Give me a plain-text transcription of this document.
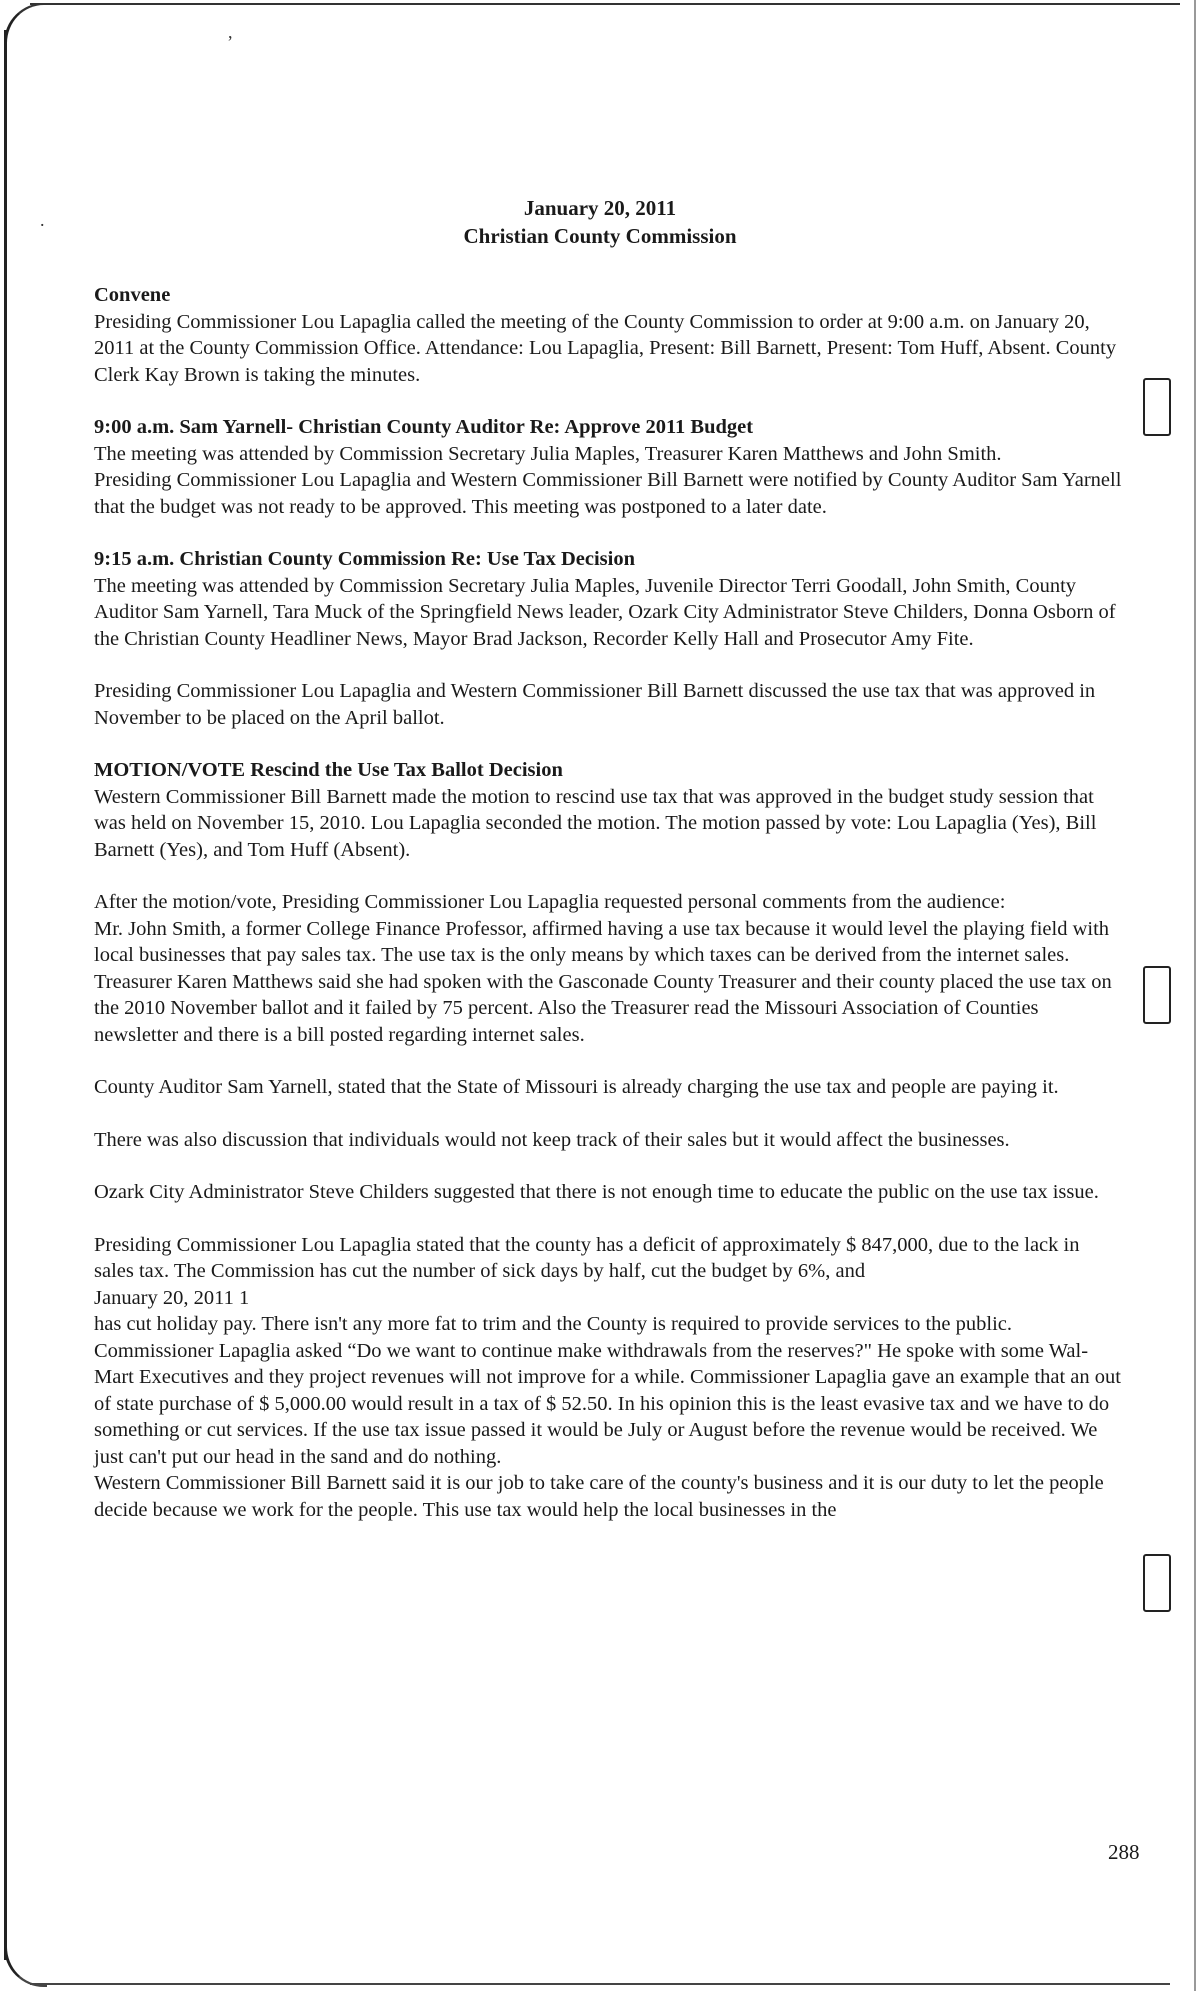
,
.	January 20, 2011
Christian County Commission

Convene

Presiding Commissioner Lou Lapaglia called the meeting of the County Commission to order at 9:00 a.m. on January 20, 2011 at the County Commission Office. Attendance: Lou Lapaglia, Present: Bill Barnett, Present: Tom Huff, Absent. County Clerk Kay Brown is taking the minutes.

9:00 a.m. Sam Yarnell- Christian County Auditor Re: Approve 2011 Budget

The meeting was attended by Commission Secretary Julia Maples, Treasurer Karen Matthews and John Smith.

Presiding Commissioner Lou Lapaglia and Western Commissioner Bill Barnett were notified by County Auditor Sam Yarnell that the budget was not ready to be approved. This meeting was postponed to a later date.

9:15 a.m. Christian County Commission Re: Use Tax Decision

The meeting was attended by Commission Secretary Julia Maples, Juvenile Director Terri Goodall, John Smith, County Auditor Sam Yarnell, Tara Muck of the Springfield News leader, Ozark City Administrator Steve Childers, Donna Osborn of the Christian County Headliner News, Mayor Brad Jackson, Recorder Kelly Hall and Prosecutor Amy Fite.

Presiding Commissioner Lou Lapaglia and Western Commissioner Bill Barnett discussed the use tax that was approved in November to be placed on the April ballot.

MOTION/VOTE Rescind the Use Tax Ballot Decision

Western Commissioner Bill Barnett made the motion to rescind use tax that was approved in the budget study session that was held on November 15, 2010. Lou Lapaglia seconded the motion. The motion passed by vote: Lou Lapaglia (Yes), Bill Barnett (Yes), and Tom Huff (Absent).

After the motion/vote, Presiding Commissioner Lou Lapaglia requested personal comments from the audience:

Mr. John Smith, a former College Finance Professor, affirmed having a use tax because it would level the playing field with local businesses that pay sales tax. The use tax is the only means by which taxes can be derived from the internet sales.

Treasurer Karen Matthews said she had spoken with the Gasconade County Treasurer and their county placed the use tax on the 2010 November ballot and it failed by 75 percent. Also the Treasurer read the Missouri Association of Counties newsletter and there is a bill posted regarding internet sales.

County Auditor Sam Yarnell, stated that the State of Missouri is already charging the use tax and people are paying it.

There was also discussion that individuals would not keep track of their sales but it would affect the businesses.

Ozark City Administrator Steve Childers suggested that there is not enough time to educate the public on the use tax issue.

Presiding Commissioner Lou Lapaglia stated that the county has a deficit of approximately $ 847,000, due to the lack in sales tax. The Commission has cut the number of sick days by half, cut the budget by 6%, and

January 20, 2011 1

has cut holiday pay. There isn't any more fat to trim and the County is required to provide services to the public.

Commissioner Lapaglia asked “Do we want to continue make withdrawals from the reserves?" He spoke with some Wal-Mart Executives and they project revenues will not improve for a while. Commissioner Lapaglia gave an example that an out of state purchase of $ 5,000.00 would result in a tax of $ 52.50. In his opinion this is the least evasive tax and we have to do something or cut services. If the use tax issue passed it would be July or August before the revenue would be received. We just can't put our head in the sand and do nothing.

Western Commissioner Bill Barnett said it is our job to take care of the county's business and it is our duty to let the people decide because we work for the people. This use tax would help the local businesses in the

288
